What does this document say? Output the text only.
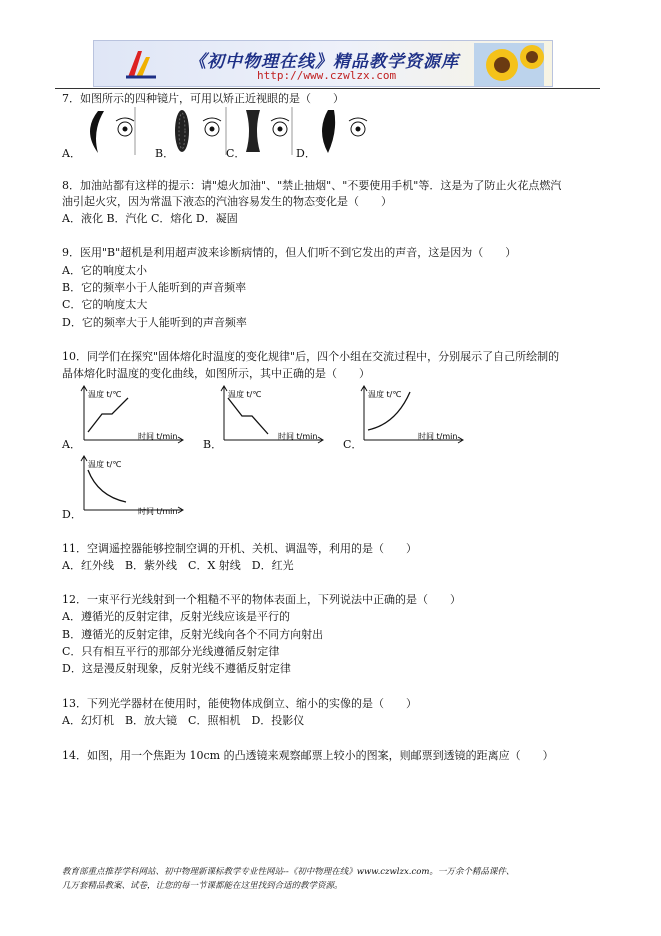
《初中物理在线》精品教学资源库
http://www.czwlzx.com
7．如图所示的四种镜片，可用以矫正近视眼的是（　　）
A．	B．	C．	D．
8．加油站都有这样的提示：请"熄火加油"、"禁止抽烟"、"不要使用手机"等．这是为了防止火花点燃汽
油引起火灾，因为常温下液态的汽油容易发生的物态变化是（　　）
A．液化 B．汽化 C．熔化 D．凝固
9．医用"B"超机是利用超声波来诊断病情的，但人们听不到它发出的声音，这是因为（　　）
A．它的响度太小
B．它的频率小于人能听到的声音频率
C．它的响度太大
D．它的频率大于人能听到的声音频率
10．同学们在探究"固体熔化时温度的变化规律"后，四个小组在交流过程中，分别展示了自己所绘制的
晶体熔化时温度的变化曲线，如图所示，其中正确的是（　　）
A．	B．	C．
D．
温度 t/℃
时间 t/min
温度 t/℃
时间 t/min
温度 t/℃
时间 t/min
温度 t/℃
时间 t/min
11．空调遥控器能够控制空调的开机、关机、调温等，利用的是（　　）
A．红外线　B．紫外线　C．X 射线　D．红光
12．一束平行光线射到一个粗糙不平的物体表面上，下列说法中正确的是（　　）
A．遵循光的反射定律，反射光线应该是平行的
B．遵循光的反射定律，反射光线向各个不同方向射出
C．只有相互平行的那部分光线遵循反射定律
D．这是漫反射现象，反射光线不遵循反射定律
13．下列光学器材在使用时，能使物体成倒立、缩小的实像的是（　　）
A．幻灯机　B．放大镜　C．照相机　D．投影仪
14．如图，用一个焦距为 10cm 的凸透镜来观察邮票上较小的图案，则邮票到透镜的距离应（　　）
教育部重点推荐学科网站、初中物理新课标教学专业性网站--《初中物理在线》www.czwlzx.com。一万余个精品课件、
几万套精品教案、试卷，让您的每一节课都能在这里找到合适的教学资源。
